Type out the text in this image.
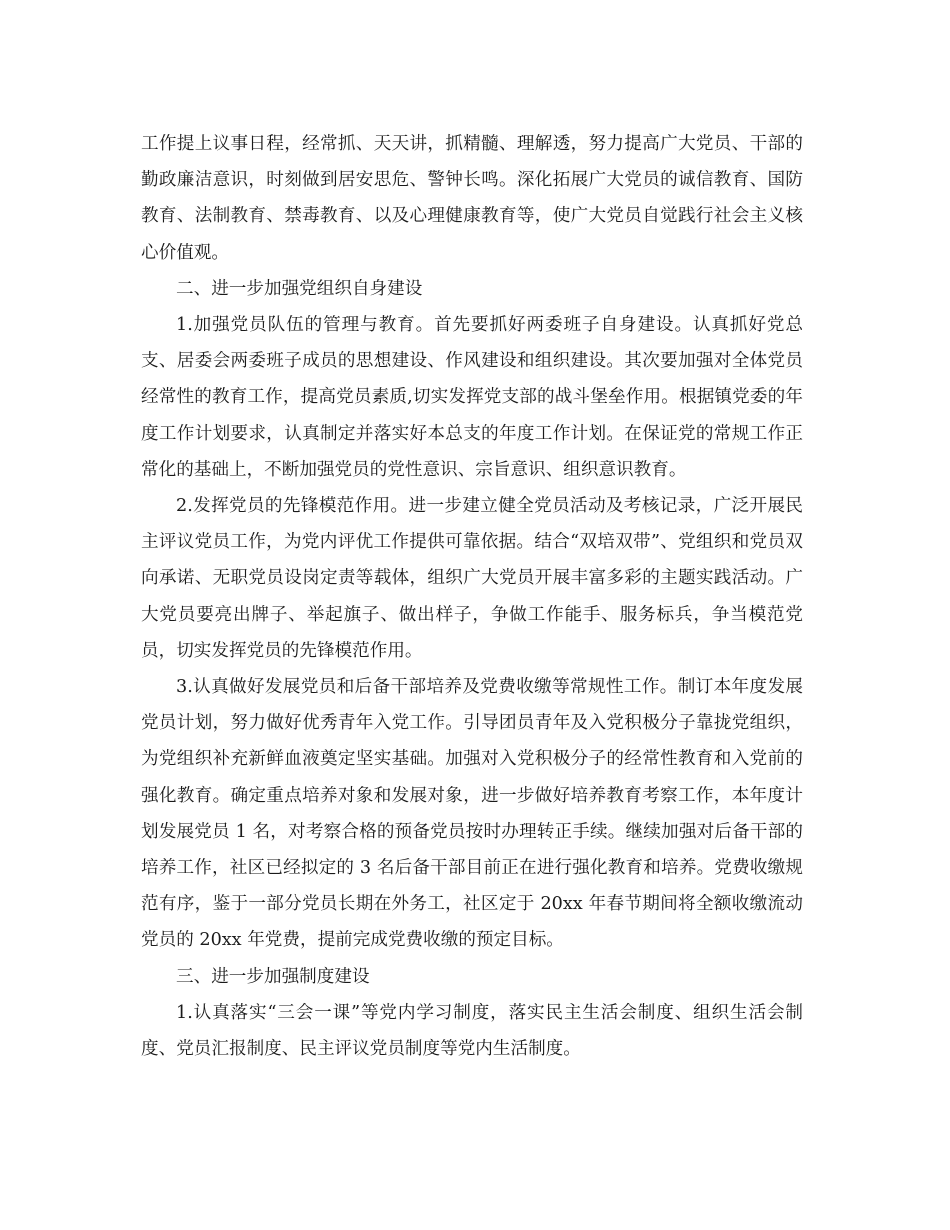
工作提上议事日程，经常抓、天天讲，抓精髓、理解透，努力提高广大党员、干部的勤政廉洁意识，时刻做到居安思危、警钟长鸣。深化拓展广大党员的诚信教育、国防教育、法制教育、禁毒教育、以及心理健康教育等，使广大党员自觉践行社会主义核心价值观。

二、进一步加强党组织自身建设

1.加强党员队伍的管理与教育。首先要抓好两委班子自身建设。认真抓好党总支、居委会两委班子成员的思想建设、作风建设和组织建设。其次要加强对全体党员经常性的教育工作，提高党员素质,切实发挥党支部的战斗堡垒作用。根据镇党委的年度工作计划要求，认真制定并落实好本总支的年度工作计划。在保证党的常规工作正常化的基础上，不断加强党员的党性意识、宗旨意识、组织意识教育。

2.发挥党员的先锋模范作用。进一步建立健全党员活动及考核记录，广泛开展民主评议党员工作，为党内评优工作提供可靠依据。结合“双培双带”、党组织和党员双向承诺、无职党员设岗定责等载体，组织广大党员开展丰富多彩的主题实践活动。广大党员要亮出牌子、举起旗子、做出样子，争做工作能手、服务标兵，争当模范党员，切实发挥党员的先锋模范作用。

3.认真做好发展党员和后备干部培养及党费收缴等常规性工作。制订本年度发展党员计划，努力做好优秀青年入党工作。引导团员青年及入党积极分子靠拢党组织，为党组织补充新鲜血液奠定坚实基础。加强对入党积极分子的经常性教育和入党前的强化教育。确定重点培养对象和发展对象，进一步做好培养教育考察工作，本年度计划发展党员 1 名，对考察合格的预备党员按时办理转正手续。继续加强对后备干部的培养工作，社区已经拟定的 3 名后备干部目前正在进行强化教育和培养。党费收缴规范有序，鉴于一部分党员长期在外务工，社区定于 20xx 年春节期间将全额收缴流动党员的 20xx 年党费，提前完成党费收缴的预定目标。

三、进一步加强制度建设

1.认真落实“三会一课”等党内学习制度，落实民主生活会制度、组织生活会制度、党员汇报制度、民主评议党员制度等党内生活制度。
